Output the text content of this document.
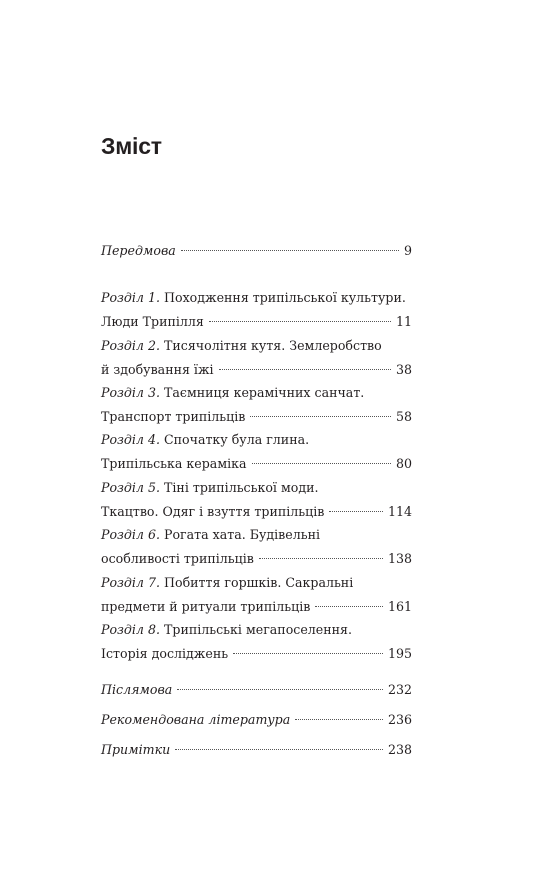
Зміст
Передмова	9
Розділ 1.
Походження трипільської культури.
Люди Трипілля	11
Розділ 2.
Тисячолітня кутя. Землеробство
й здобування їжі	38
Розділ 3.
Таємниця керамічних санчат.
Транспорт трипільців	58
Розділ 4.
Спочатку була глина.
Трипільська кераміка	80
Розділ 5.
Тіні трипільської моди.
Ткацтво. Одяг і взуття трипільців	114
Розділ 6.
Рогата хата. Будівельні
особливості трипільців	138
Розділ 7.
Побиття горшків. Сакральні
предмети й ритуали трипільців	161
Розділ 8.
Трипільські мегапоселення.
Історія досліджень	195
Післямова	232
Рекомендована література	236
Примітки	238
